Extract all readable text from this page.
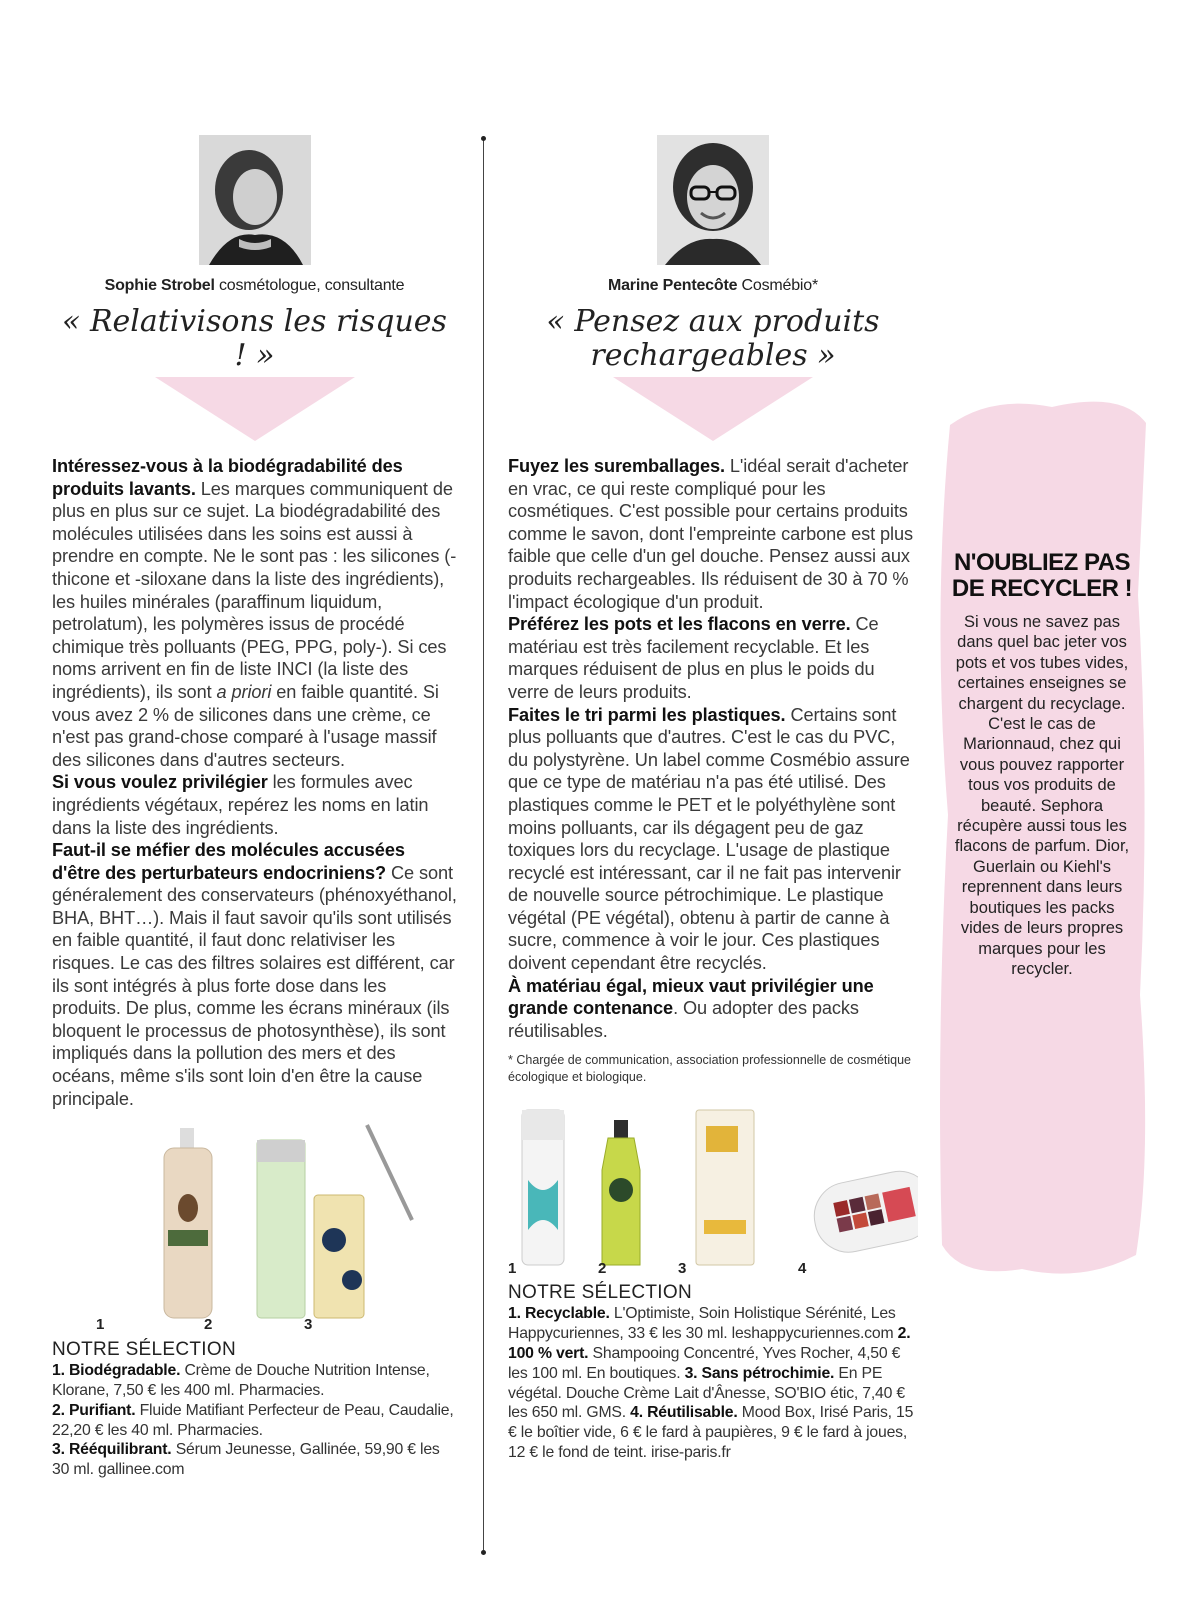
Sophie Strobel cosmétologue, consultante
« Relativisons les risques ! »

Intéressez-vous à la biodégradabilité des produits lavants. Les marques communiquent de plus en plus sur ce sujet. La biodégradabilité des molécules utilisées dans les soins est aussi à prendre en compte. Ne le sont pas : les silicones (-thicone et -siloxane dans la liste des ingrédients), les huiles minérales (paraffinum liquidum, petrolatum), les polymères issus de procédé chimique très polluants (PEG, PPG, poly-). Si ces noms arrivent en fin de liste INCI (la liste des ingrédients), ils sont a priori en faible quantité. Si vous avez 2 % de silicones dans une crème, ce n'est pas grand-chose comparé à l'usage massif des silicones dans d'autres secteurs.

Si vous voulez privilégier les formules avec ingrédients végétaux, repérez les noms en latin dans la liste des ingrédients.

Faut-il se méfier des molécules accusées d'être des perturbateurs endocriniens? Ce sont généralement des conservateurs (phénoxyéthanol, BHA, BHT…). Mais il faut savoir qu'ils sont utilisés en faible quantité, il faut donc relativiser les risques. Le cas des filtres solaires est différent, car ils sont intégrés à plus forte dose dans les produits. De plus, comme les écrans minéraux (ils bloquent le processus de photosynthèse), ils sont impliqués dans la pollution des mers et des océans, même s'ils sont loin d'en être la cause principale.

1	2	3
NOTRE SÉLECTION
1. Biodégradable. Crème de Douche Nutrition Intense, Klorane, 7,50 € les 400 ml. Pharmacies.
2. Purifiant. Fluide Matifiant Perfecteur de Peau, Caudalie, 22,20 € les 40 ml. Pharmacies.
3. Rééquilibrant. Sérum Jeunesse, Gallinée, 59,90 € les 30 ml. gallinee.com
Marine Pentecôte Cosmébio*
« Pensez aux produits rechargeables »

Fuyez les suremballages. L'idéal serait d'acheter en vrac, ce qui reste compliqué pour les cosmétiques. C'est possible pour certains produits comme le savon, dont l'empreinte carbone est plus faible que celle d'un gel douche. Pensez aussi aux produits rechargeables. Ils réduisent de 30 à 70 % l'impact écologique d'un produit.

Préférez les pots et les flacons en verre. Ce matériau est très facilement recyclable. Et les marques réduisent de plus en plus le poids du verre de leurs produits.

Faites le tri parmi les plastiques. Certains sont plus polluants que d'autres. C'est le cas du PVC, du polystyrène. Un label comme Cosmébio assure que ce type de matériau n'a pas été utilisé. Des plastiques comme le PET et le polyéthylène sont moins polluants, car ils dégagent peu de gaz toxiques lors du recyclage. L'usage de plastique recyclé est intéressant, car il ne fait pas intervenir de nouvelle source pétrochimique. Le plastique végétal (PE végétal), obtenu à partir de canne à sucre, commence à voir le jour. Ces plastiques doivent cependant être recyclés.

À matériau égal, mieux vaut privilégier une grande contenance. Ou adopter des packs réutilisables.

* Chargée de communication, association professionnelle de cosmétique écologique et biologique.
1	2	3	4
NOTRE SÉLECTION
1. Recyclable. L'Optimiste, Soin Holistique Sérénité, Les Happycuriennes, 33 € les 30 ml. leshappycuriennes.com 2. 100 % vert. Shampooing Concentré, Yves Rocher, 4,50 € les 100 ml. En boutiques. 3. Sans pétrochimie. En PE végétal. Douche Crème Lait d'Ânesse, SO'BIO étic, 7,40 € les 650 ml. GMS. 4. Réutilisable. Mood Box, Irisé Paris, 15 € le boîtier vide, 6 € le fard à paupières, 9 € le fard à joues, 12 € le fond de teint. irise-paris.fr
N'OUBLIEZ PAS DE RECYCLER !
Si vous ne savez pas dans quel bac jeter vos pots et vos tubes vides, certaines enseignes se chargent du recyclage. C'est le cas de Marionnaud, chez qui vous pouvez rapporter tous vos produits de beauté. Sephora récupère aussi tous les flacons de parfum. Dior, Guerlain ou Kiehl's reprennent dans leurs boutiques les packs vides de leurs propres marques pour les recycler.
